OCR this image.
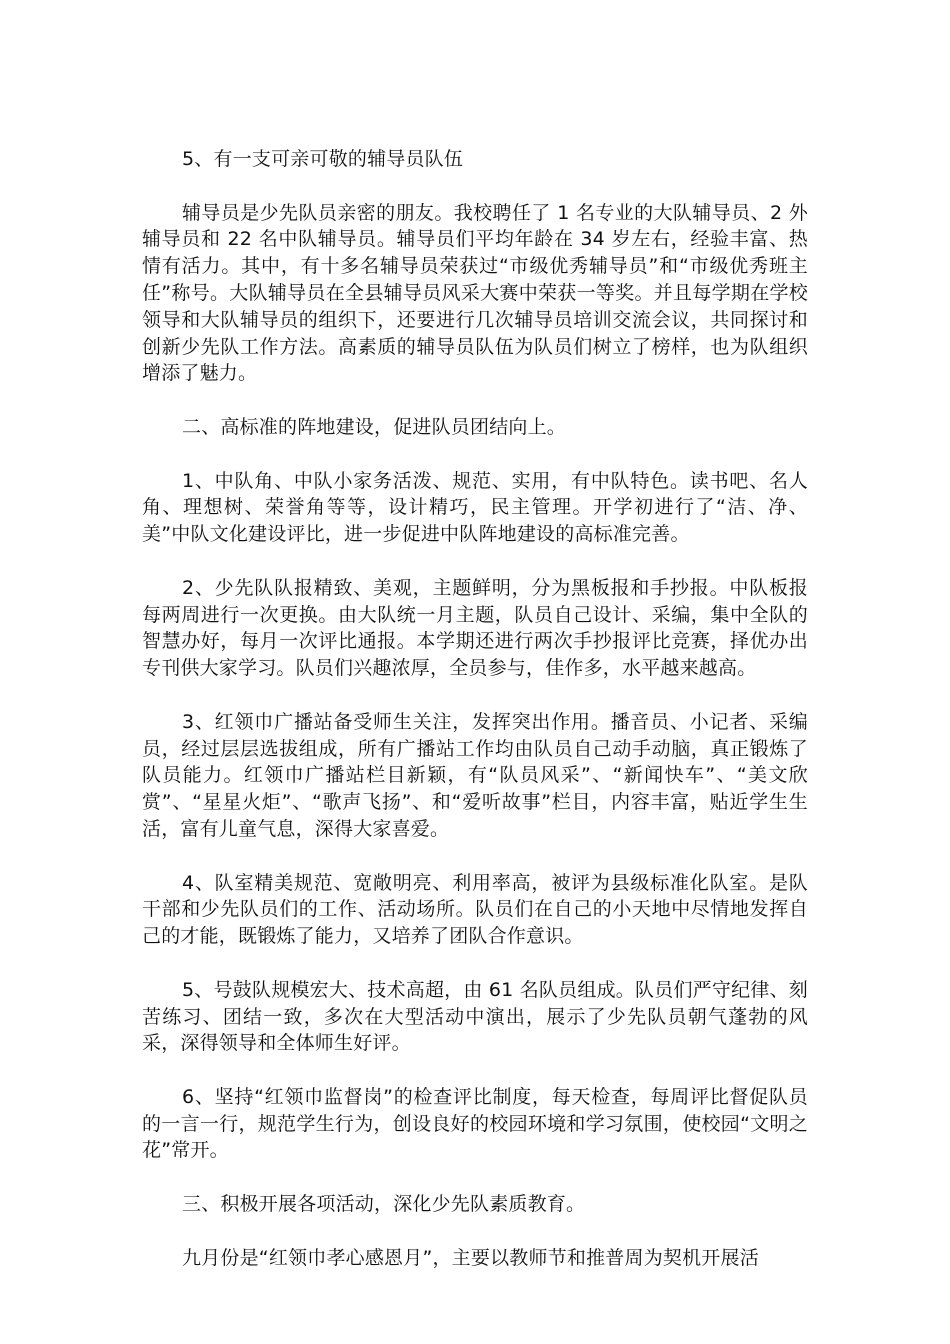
5、有一支可亲可敬的辅导员队伍

辅导员是少先队员亲密的朋友。我校聘任了 1 名专业的大队辅导员、2 外辅导员和 22 名中队辅导员。辅导员们平均年龄在 34 岁左右，经验丰富、热情有活力。其中，有十多名辅导员荣获过“市级优秀辅导员”和“市级优秀班主任”称号。大队辅导员在全县辅导员风采大赛中荣获一等奖。并且每学期在学校领导和大队辅导员的组织下，还要进行几次辅导员培训交流会议，共同探讨和创新少先队工作方法。高素质的辅导员队伍为队员们树立了榜样，也为队组织增添了魅力。

二、高标准的阵地建设，促进队员团结向上。

1、中队角、中队小家务活泼、规范、实用，有中队特色。读书吧、名人角、理想树、荣誉角等等，设计精巧，民主管理。开学初进行了“洁、净、美”中队文化建设评比，进一步促进中队阵地建设的高标准完善。

2、少先队队报精致、美观，主题鲜明，分为黑板报和手抄报。中队板报每两周进行一次更换。由大队统一月主题，队员自己设计、采编，集中全队的智慧办好，每月一次评比通报。本学期还进行两次手抄报评比竞赛，择优办出专刊供大家学习。队员们兴趣浓厚，全员参与，佳作多，水平越来越高。

3、红领巾广播站备受师生关注，发挥突出作用。播音员、小记者、采编员，经过层层选拔组成，所有广播站工作均由队员自己动手动脑，真正锻炼了队员能力。红领巾广播站栏目新颖，有“队员风采”、“新闻快车”、“美文欣赏”、“星星火炬”、“歌声飞扬”、和“爱听故事”栏目，内容丰富，贴近学生生活，富有儿童气息，深得大家喜爱。

4、队室精美规范、宽敞明亮、利用率高，被评为县级标准化队室。是队干部和少先队员们的工作、活动场所。队员们在自己的小天地中尽情地发挥自己的才能，既锻炼了能力，又培养了团队合作意识。

5、号鼓队规模宏大、技术高超，由 61 名队员组成。队员们严守纪律、刻苦练习、团结一致，多次在大型活动中演出，展示了少先队员朝气蓬勃的风采，深得领导和全体师生好评。

6、坚持“红领巾监督岗”的检查评比制度，每天检查，每周评比督促队员的一言一行，规范学生行为，创设良好的校园环境和学习氛围，使校园“文明之花”常开。

三、积极开展各项活动，深化少先队素质教育。

九月份是“红领巾孝心感恩月”，主要以教师节和推普周为契机开展活
